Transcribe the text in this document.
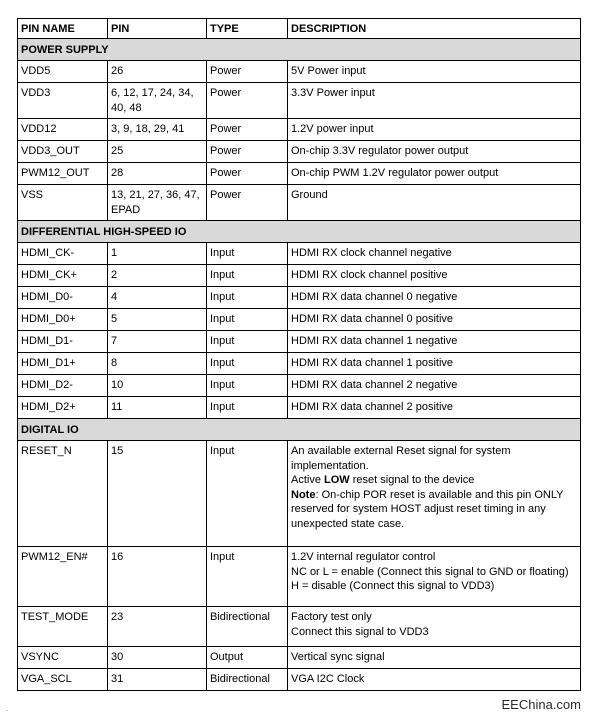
PIN NAME	PIN	TYPE	DESCRIPTION
POWER SUPPLY			
VDD5	26	Power	5V Power input

VDD3	6, 12, 17, 24, 34, 40, 48	Power	3.3V Power input

VDD12	3, 9, 18, 29, 41	Power	1.2V power input

VDD3_OUT	25	Power	On-chip 3.3V regulator power output

PWM12_OUT	28	Power	On-chip PWM 1.2V regulator power output

VSS	13, 21, 27, 36, 47, EPAD	Power	Ground

DIFFERENTIAL HIGH-SPEED IO			
HDMI_CK-	1	Input	HDMI RX clock channel negative

HDMI_CK+	2	Input	HDMI RX clock channel positive

HDMI_D0-	4	Input	HDMI RX data channel 0 negative

HDMI_D0+	5	Input	HDMI RX data channel 0 positive

HDMI_D1-	7	Input	HDMI RX data channel 1 negative

HDMI_D1+	8	Input	HDMI RX data channel 1 positive

HDMI_D2-	10	Input	HDMI RX data channel 2 negative

HDMI_D2+	11	Input	HDMI RX data channel 2 positive

DIGITAL IO			
RESET_N	15	Input	An available external Reset signal for system implementation.
Active LOW reset signal to the device
Note: On-chip POR reset is available and this pin ONLY reserved for system HOST adjust reset timing in any unexpected state case.

PWM12_EN#	16	Input	1.2V internal regulator control
NC or L = enable (Connect this signal to GND or floating)
H = disable (Connect this signal to VDD3)

TEST_MODE	23	Bidirectional	Factory test only
Connect this signal to VDD3

VSYNC	30	Output	Vertical sync signal

VGA_SCL	31	Bidirectional	VGA I2C Clock
.	EEChina.com
